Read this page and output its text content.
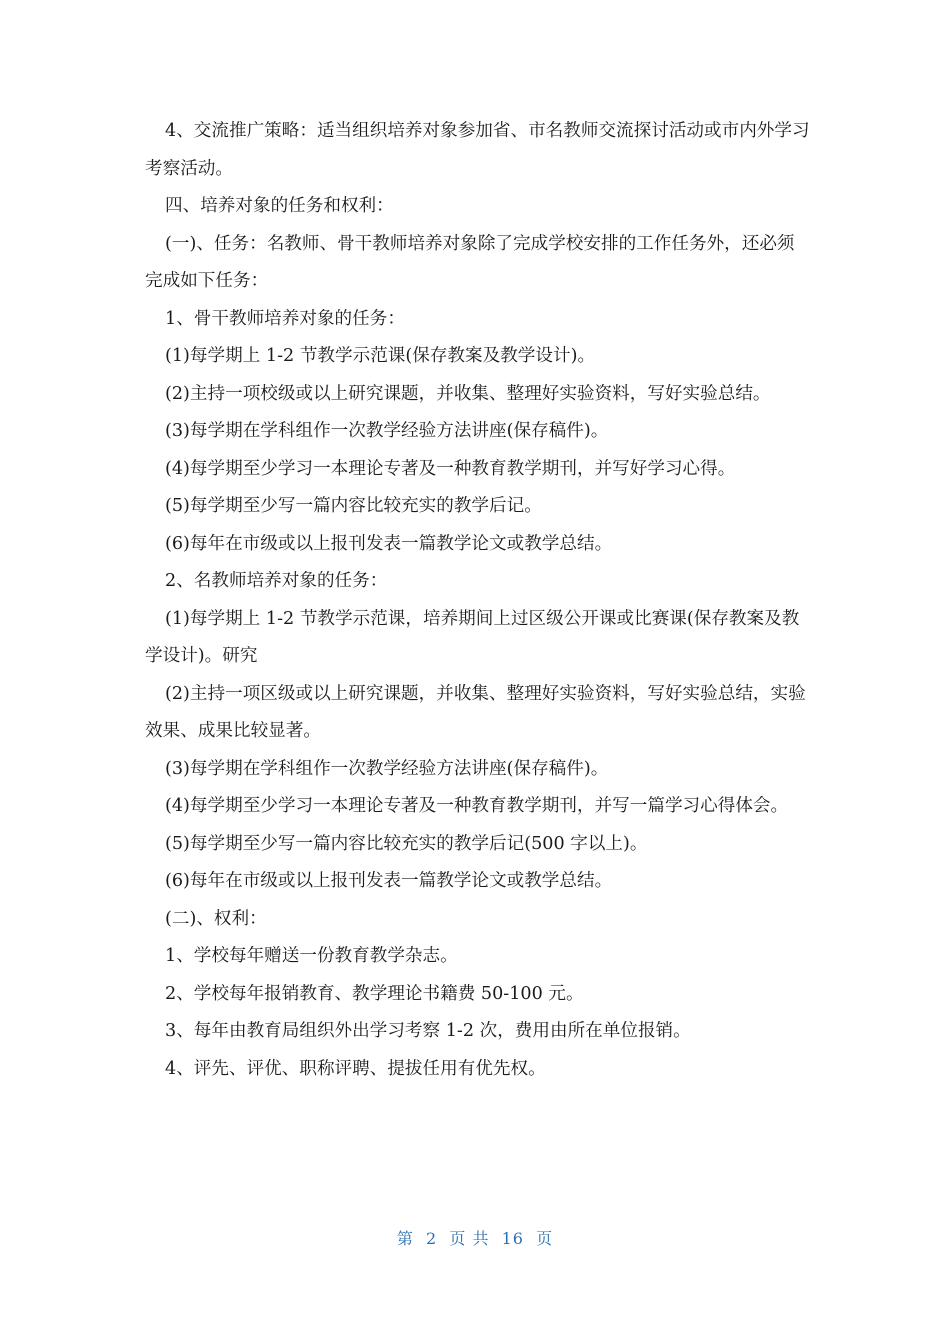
4、交流推广策略：适当组织培养对象参加省、市名教师交流探讨活动或市内外学习考察活动。

四、培养对象的任务和权利：

(一)、任务：名教师、骨干教师培养对象除了完成学校安排的工作任务外，还必须 完成如下任务：

1、骨干教师培养对象的任务：

(1)每学期上 1-2 节教学示范课(保存教案及教学设计)。

(2)主持一项校级或以上研究课题，并收集、整理好实验资料，写好实验总结。

(3)每学期在学科组作一次教学经验方法讲座(保存稿件)。

(4)每学期至少学习一本理论专著及一种教育教学期刊，并写好学习心得。

(5)每学期至少写一篇内容比较充实的教学后记。

(6)每年在市级或以上报刊发表一篇教学论文或教学总结。

2、名教师培养对象的任务：

(1)每学期上 1-2 节教学示范课，培养期间上过区级公开课或比赛课(保存教案及教学设计)。研究

(2)主持一项区级或以上研究课题，并收集、整理好实验资料，写好实验总结，实验效果、成果比较显著。

(3)每学期在学科组作一次教学经验方法讲座(保存稿件)。

(4)每学期至少学习一本理论专著及一种教育教学期刊，并写一篇学习心得体会。

(5)每学期至少写一篇内容比较充实的教学后记(500 字以上)。

(6)每年在市级或以上报刊发表一篇教学论文或教学总结。

(二)、权利：

1、学校每年赠送一份教育教学杂志。

2、学校每年报销教育、教学理论书籍费 50-100 元。

3、每年由教育局组织外出学习考察 1-2 次，费用由所在单位报销。

4、评先、评优、职称评聘、提拔任用有优先权。

第  2  页 共  16  页
